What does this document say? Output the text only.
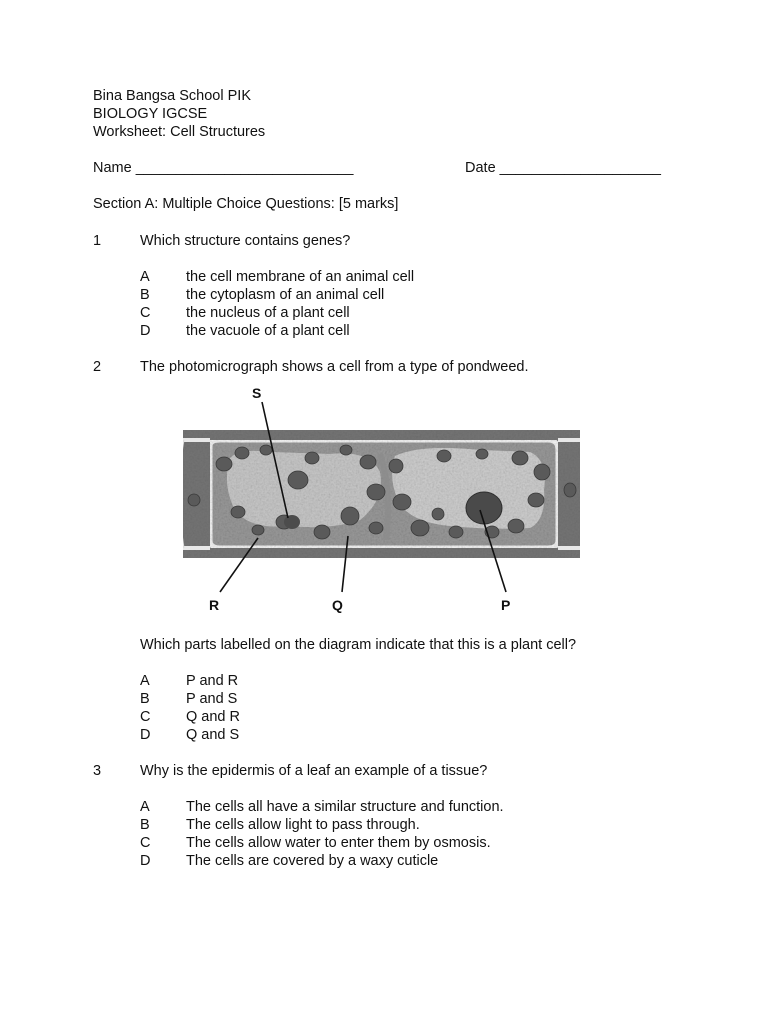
Bina Bangsa School PIK
BIOLOGY IGCSE
Worksheet: Cell Structures
Name ___________________________	Date ____________________
Section A: Multiple Choice Questions: [5 marks]
1	Which structure contains genes?
A	the cell membrane of an animal cell
B	the cytoplasm of an animal cell
C the nucleus of a plant cell
D the vacuole of a plant cell
2	The photomicrograph shows a cell from a type of pondweed.
S
R	Q	P
Which parts labelled on the diagram indicate that this is a plant cell?
A	P and R
B	P and S
C Q and R
D Q and S
3	Why is the epidermis of a leaf an example of a tissue?
A	The cells all have a similar structure and function.
B	The cells allow light to pass through.
C The cells allow water to enter them by osmosis.
D The cells are covered by a waxy cuticle
